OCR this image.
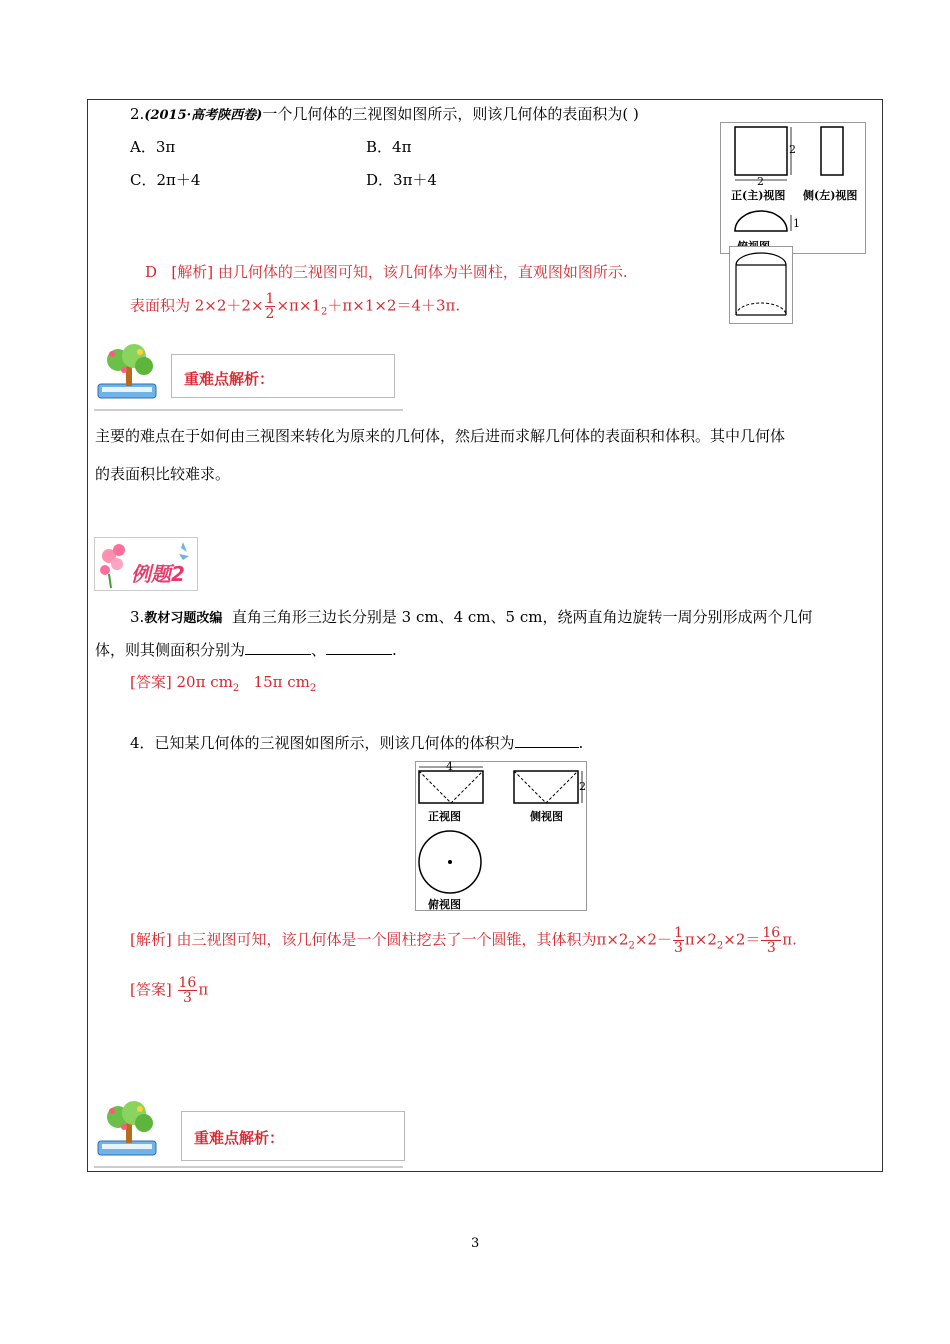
2.(2015·高考陕西卷)一个几何体的三视图如图所示，则该几何体的表面积为( )
A．3π	B．4π
C．2π＋4	D．3π＋4
2
2
1
正(主)视图 侧(左)视图
D [解析] 由几何体的三视图可知，该几何体为半圆柱，直观图如图所示.
表面积为 $2\times 2+2\times \frac{1}{2} \times\pi\times 1_2+\pi\times 1\times 2=4+3\pi$.
重难点解析：
主要的难点在于如何由三视图来转化为原来的几何体，然后进而求解几何体的表面积和体积。其中几何体
的表面积比较难求。
例题2
3.教材习题改编 直角三角形三边长分别是 3 cm、4 cm、5 cm，绕两直角边旋转一周分别形成两个几何
体，则其侧面积分别为	、	.
[答案] 20π $cm_2$ 15π $cm_2$
4．已知某几何体的三视图如图所示，则该几何体的体积为	.
4
2
正视图	侧视图
俯视图
[解析] 由三视图可知，该几何体是一个圆柱挖去了一个圆锥，其体积为$\pi\times 2_2\times 2- \frac{1}{3} \pi\times 2_2\times 2= \frac{16}{3} \pi$.
[答案] $\frac{16}{3}$ π
重难点解析：
3
